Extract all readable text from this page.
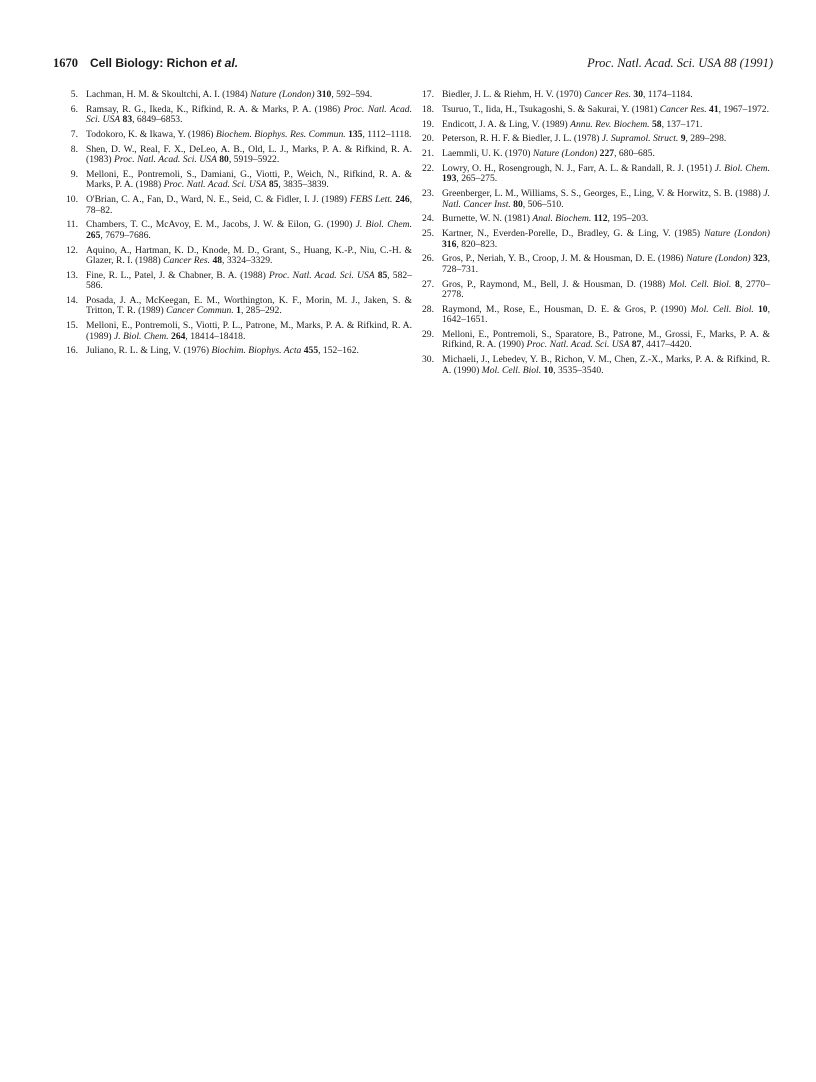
1670 Cell Biology: Richon et al.	Proc. Natl. Acad. Sci. USA 88 (1991)
5. Lachman, H. M. & Skoultchi, A. I. (1984) Nature (London) 310, 592–594.
6. Ramsay, R. G., Ikeda, K., Rifkind, R. A. & Marks, P. A. (1986) Proc. Natl. Acad. Sci. USA 83, 6849–6853.
7. Todokoro, K. & Ikawa, Y. (1986) Biochem. Biophys. Res. Commun. 135, 1112–1118.
8. Shen, D. W., Real, F. X., DeLeo, A. B., Old, L. J., Marks, P. A. & Rifkind, R. A. (1983) Proc. Natl. Acad. Sci. USA 80, 5919–5922.
9. Melloni, E., Pontremoli, S., Damiani, G., Viotti, P., Weich, N., Rifkind, R. A. & Marks, P. A. (1988) Proc. Natl. Acad. Sci. USA 85, 3835–3839.
10. O'Brian, C. A., Fan, D., Ward, N. E., Seid, C. & Fidler, I. J. (1989) FEBS Lett. 246, 78–82.
11. Chambers, T. C., McAvoy, E. M., Jacobs, J. W. & Eilon, G. (1990) J. Biol. Chem. 265, 7679–7686.
12. Aquino, A., Hartman, K. D., Knode, M. D., Grant, S., Huang, K.-P., Niu, C.-H. & Glazer, R. I. (1988) Cancer Res. 48, 3324–3329.
13. Fine, R. L., Patel, J. & Chabner, B. A. (1988) Proc. Natl. Acad. Sci. USA 85, 582–586.
14. Posada, J. A., McKeegan, E. M., Worthington, K. F., Morin, M. J., Jaken, S. & Tritton, T. R. (1989) Cancer Commun. 1, 285–292.
15. Melloni, E., Pontremoli, S., Viotti, P. L., Patrone, M., Marks, P. A. & Rifkind, R. A. (1989) J. Biol. Chem. 264, 18414–18418.
16. Juliano, R. L. & Ling, V. (1976) Biochim. Biophys. Acta 455, 152–162.
17. Biedler, J. L. & Riehm, H. V. (1970) Cancer Res. 30, 1174–1184.
18. Tsuruo, T., Iida, H., Tsukagoshi, S. & Sakurai, Y. (1981) Cancer Res. 41, 1967–1972.
19. Endicott, J. A. & Ling, V. (1989) Annu. Rev. Biochem. 58, 137–171.
20. Peterson, R. H. F. & Biedler, J. L. (1978) J. Supramol. Struct. 9, 289–298.
21. Laemmli, U. K. (1970) Nature (London) 227, 680–685.
22. Lowry, O. H., Rosengrough, N. J., Farr, A. L. & Randall, R. J. (1951) J. Biol. Chem. 193, 265–275.
23. Greenberger, L. M., Williams, S. S., Georges, E., Ling, V. & Horwitz, S. B. (1988) J. Natl. Cancer Inst. 80, 506–510.
24. Burnette, W. N. (1981) Anal. Biochem. 112, 195–203.
25. Kartner, N., Everden-Porelle, D., Bradley, G. & Ling, V. (1985) Nature (London) 316, 820–823.
26. Gros, P., Neriah, Y. B., Croop, J. M. & Housman, D. E. (1986) Nature (London) 323, 728–731.
27. Gros, P., Raymond, M., Bell, J. & Housman, D. (1988) Mol. Cell. Biol. 8, 2770–2778.
28. Raymond, M., Rose, E., Housman, D. E. & Gros, P. (1990) Mol. Cell. Biol. 10, 1642–1651.
29. Melloni, E., Pontremoli, S., Sparatore, B., Patrone, M., Grossi, F., Marks, P. A. & Rifkind, R. A. (1990) Proc. Natl. Acad. Sci. USA 87, 4417–4420.
30. Michaeli, J., Lebedev, Y. B., Richon, V. M., Chen, Z.-X., Marks, P. A. & Rifkind, R. A. (1990) Mol. Cell. Biol. 10, 3535–3540.
